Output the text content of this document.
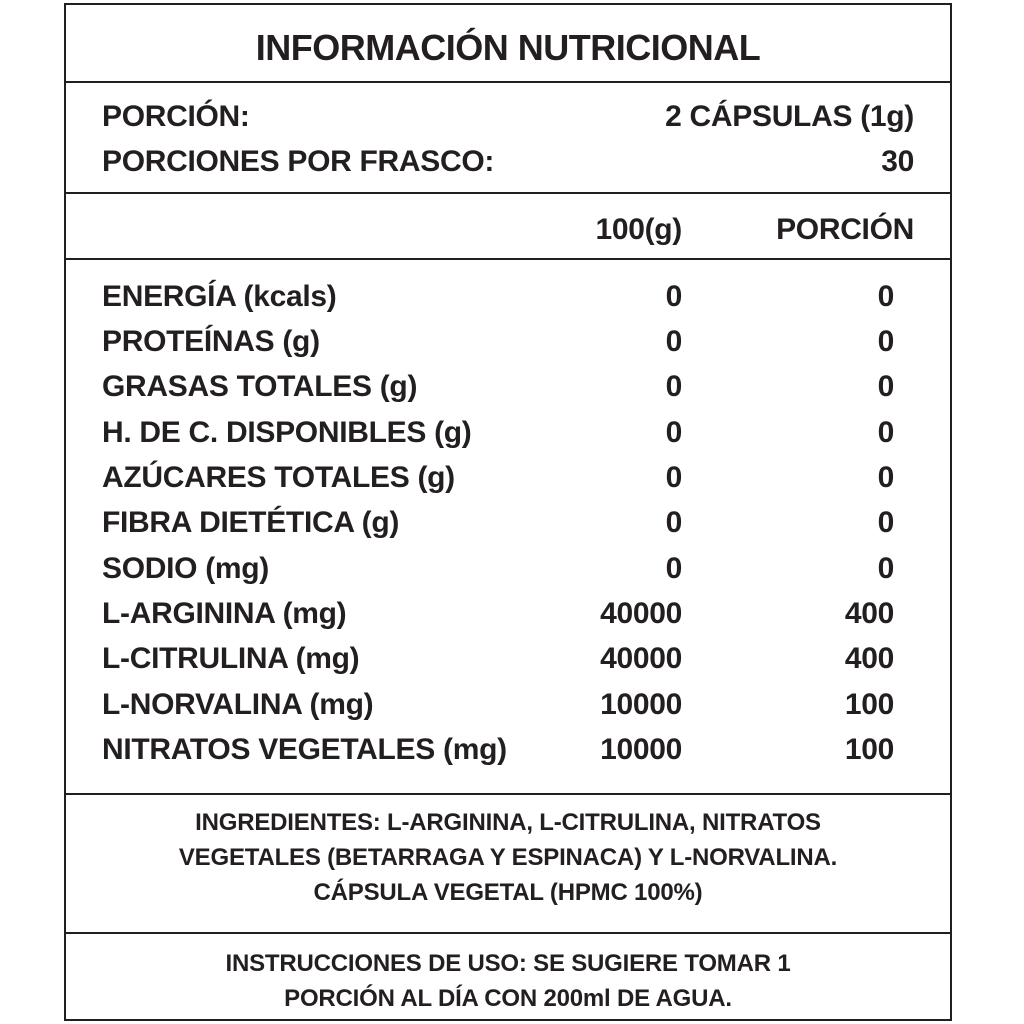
INFORMACIÓN NUTRICIONAL
PORCIÓN:	2 CÁPSULAS (1g)
PORCIONES POR FRASCO:	30
100(g)	PORCIÓN
ENERGÍA (kcals)	0	0
PROTEÍNAS (g)	0	0
GRASAS TOTALES (g)	0	0
H. DE C. DISPONIBLES (g)	0	0
AZÚCARES TOTALES (g)	0	0
FIBRA DIETÉTICA (g)	0	0
SODIO (mg)	0	0
L-ARGININA (mg)	40000	400
L-CITRULINA (mg)	40000	400
L-NORVALINA (mg)	10000	100
NITRATOS VEGETALES (mg)	10000	100
INGREDIENTES: L-ARGININA, L-CITRULINA, NITRATOS
VEGETALES (BETARRAGA Y ESPINACA) Y L-NORVALINA.
CÁPSULA VEGETAL (HPMC 100%)
INSTRUCCIONES DE USO: SE SUGIERE TOMAR 1
PORCIÓN AL DÍA CON 200ml DE AGUA.
